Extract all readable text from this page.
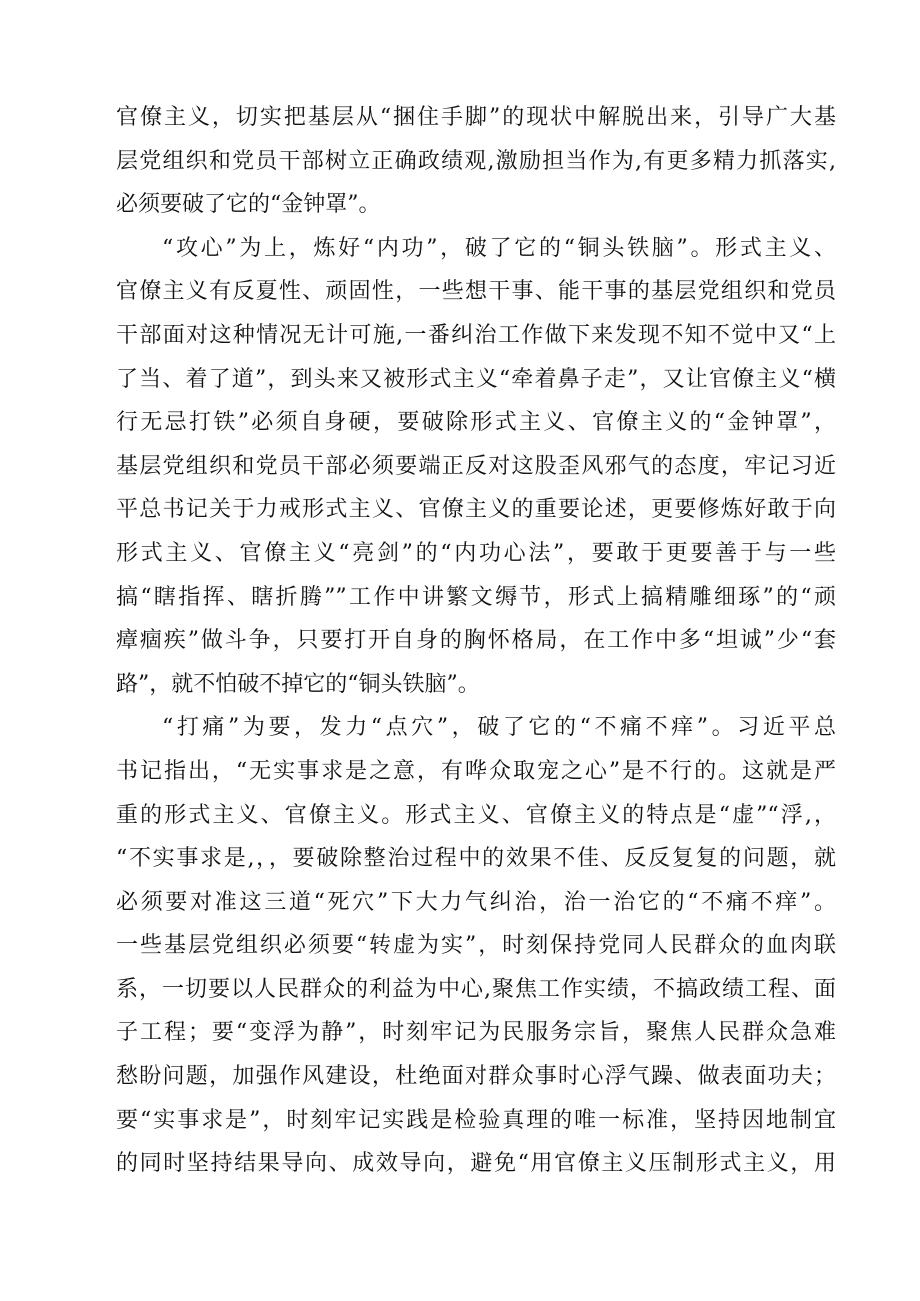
官僚主义，切实把基层从“捆住手脚”的现状中解脱出来，引导广大基
层党组织和党员干部树立正确政绩观,激励担当作为,有更多精力抓落实,
必须要破了它的“金钟罩”。
“攻心”为上，炼好“内功”，破了它的“铜头铁脑”。形式主义、
官僚主义有反夏性、顽固性，一些想干事、能干事的基层党组织和党员
干部面对这种情况无计可施,一番纠治工作做下来发现不知不觉中又“上
了当、着了道”，到头来又被形式主义“牵着鼻子走”，又让官僚主义“横
行无忌打铁”必须自身硬，要破除形式主义、官僚主义的“金钟罩”，
基层党组织和党员干部必须要端正反对这股歪风邪气的态度，牢记习近
平总书记关于力戒形式主义、官僚主义的重要论述，更要修炼好敢于向
形式主义、官僚主义“亮剑”的“内功心法”，要敢于更要善于与一些
搞“瞎指挥、瞎折腾””工作中讲繁文缛节，形式上搞精雕细琢”的“顽
瘴痼疾”做斗争，只要打开自身的胸怀格局，在工作中多“坦诚”少“套
路”，就不怕破不掉它的“铜头铁脑”。
“打痛”为要，发力“点穴”，破了它的“不痛不痒”。习近平总
书记指出，“无实事求是之意，有哗众取宠之心”是不行的。这就是严
重的形式主义、官僚主义。形式主义、官僚主义的特点是“虚”“浮,，
“不实事求是,，，要破除整治过程中的效果不佳、反反复复的问题，就
必须要对准这三道“死穴”下大力气纠治，治一治它的“不痛不痒”。
一些基层党组织必须要“转虚为实”，时刻保持党同人民群众的血肉联
系，一切要以人民群众的利益为中心,聚焦工作实绩，不搞政绩工程、面
子工程；要“变浮为静”，时刻牢记为民服务宗旨，聚焦人民群众急难
愁盼问题，加强作风建设，杜绝面对群众事时心浮气躁、做表面功夫；
要“实事求是”，时刻牢记实践是检验真理的唯一标准，坚持因地制宜
的同时坚持结果导向、成效导向，避免“用官僚主义压制形式主义，用
